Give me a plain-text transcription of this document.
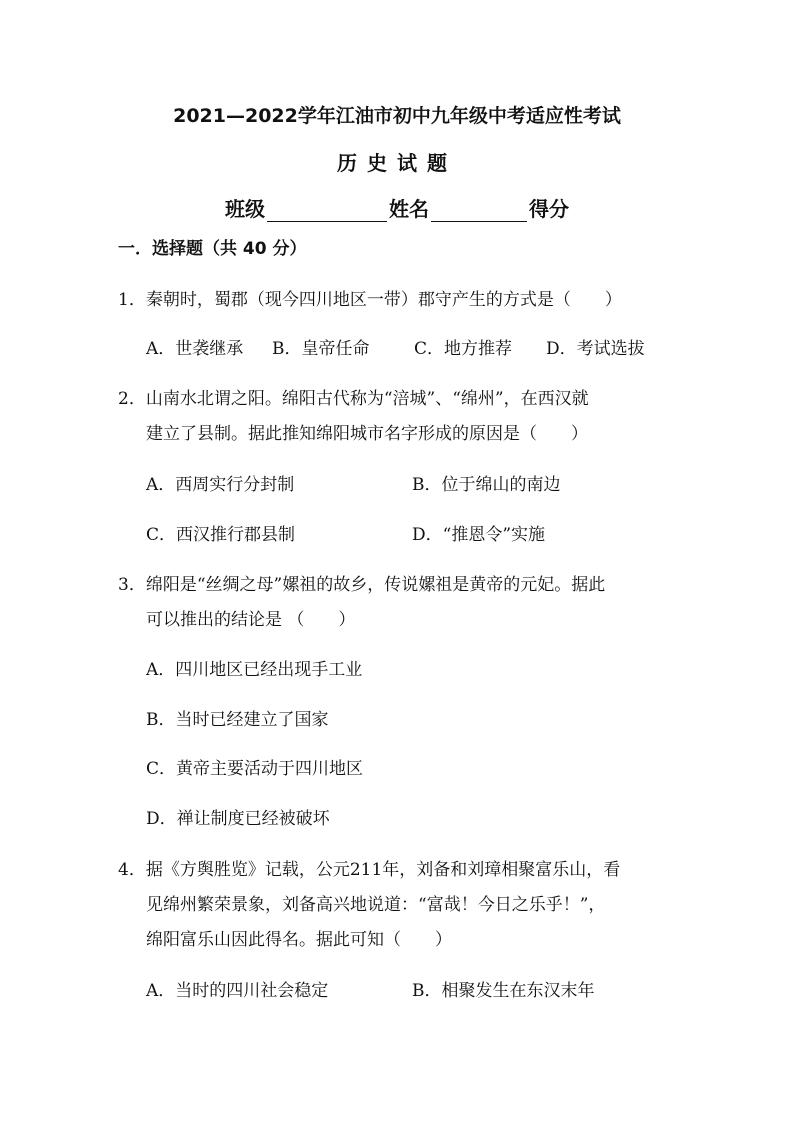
2021—2022学年江油市初中九年级中考适应性考试
历史试题
班级	姓名	得分
一．选择题（共 40 分）
1．秦朝时，蜀郡（现今四川地区一带）郡守产生的方式是（　　）
A．世袭继承 B．皇帝任命	C．地方推荐 D．考试选拔
2．山南水北谓之阳。绵阳古代称为“涪城”、“绵州”，在西汉就
建立了县制。据此推知绵阳城市名字形成的原因是（　　）
A．西周实行分封制	B．位于绵山的南边
C．西汉推行郡县制	D．“推恩令”实施
3．绵阳是“丝绸之母”嫘祖的故乡，传说嫘祖是黄帝的元妃。据此
可以推出的结论是 （　　）
A．四川地区已经出现手工业
B．当时已经建立了国家
C．黄帝主要活动于四川地区
D．禅让制度已经被破坏
4．据《方舆胜览》记载，公元211年，刘备和刘璋相聚富乐山，看
见绵州繁荣景象，刘备高兴地说道：“富哉！今日之乐乎！”，
绵阳富乐山因此得名。据此可知（　　）
A．当时的四川社会稳定	B．相聚发生在东汉末年
